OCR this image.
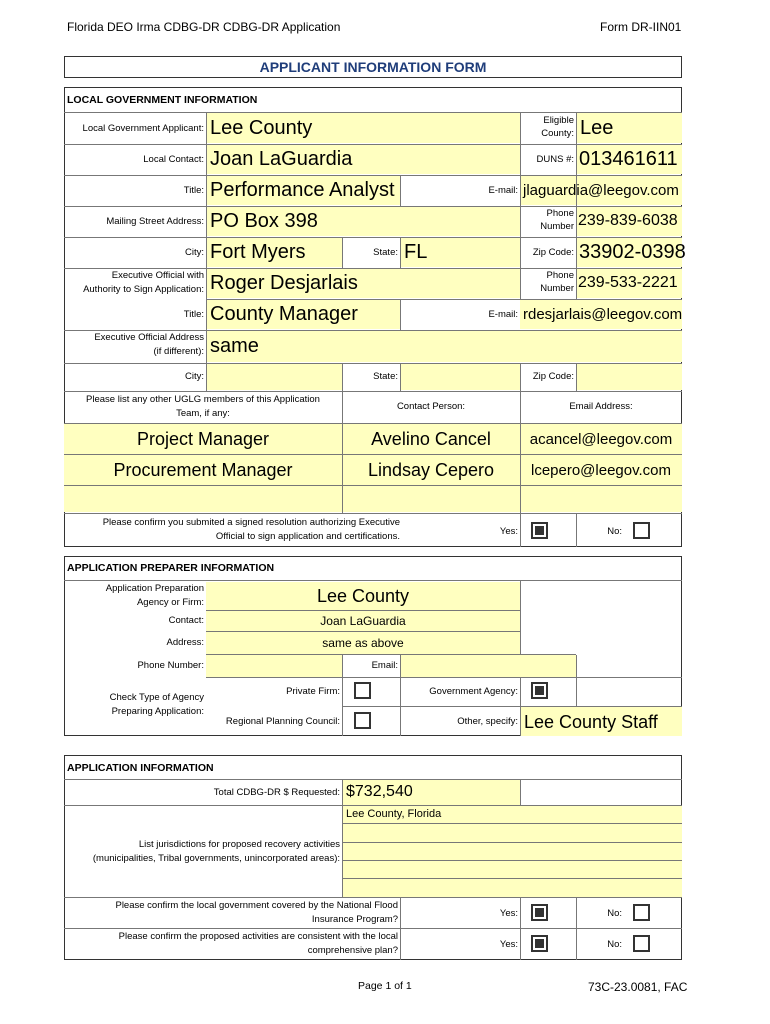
Florida DEO Irma CDBG-DR CDBG-DR Application	Form DR-IIN01
APPLICANT INFORMATION FORM
LOCAL GOVERNMENT INFORMATION
Local Government Applicant: Lee County	Eligible
County: Lee
Local Contact: Joan LaGuardia	DUNS #: 013461611
Title: Performance Analyst	E-mail: jlaguardia@leegov.com
Mailing Street Address: PO Box 398	Phone
Number 239-839-6038
City: Fort Myers	State: FL	Zip Code: 33902-0398
Executive Official with
Authority to Sign Application: Roger Desjarlais	Phone
Number 239-533-2221
Title: County Manager	E-mail: rdesjarlais@leegov.com
Executive Official Address
(if different): same
City:	State:	Zip Code:
Please list any other UGLG members of this Application
Team, if any:
Contact Person:	Email Address:
Project Manager	Avelino Cancel	acancel@leegov.com
Procurement Manager	Lindsay Cepero	lcepero@leegov.com
Please confirm you submited a signed resolution authorizing Executive
Official to sign application and certifications.	Yes:	No:
APPLICATION PREPARER INFORMATION
Application Preparation
Agency or Firm:	Lee County
Contact:	Joan LaGuardia
Address:	same as above
Phone Number:	Email:
Check Type of Agency
Preparing Application:
Private Firm:	Government Agency:
Regional Planning Council:	Other, specify: Lee County Staff
APPLICATION INFORMATION
Total CDBG-DR $ Requested: $732,540
List jurisdictions for proposed recovery activities
(municipalities, Tribal governments, unincorporated areas):
Lee County, Florida
Please confirm the local government covered by the National Flood
Insurance Program?
Yes:	No:
Please confirm the proposed activities are consistent with the local
comprehensive plan?
Yes:	No:
Page 1 of 1	73C-23.0081, FAC
